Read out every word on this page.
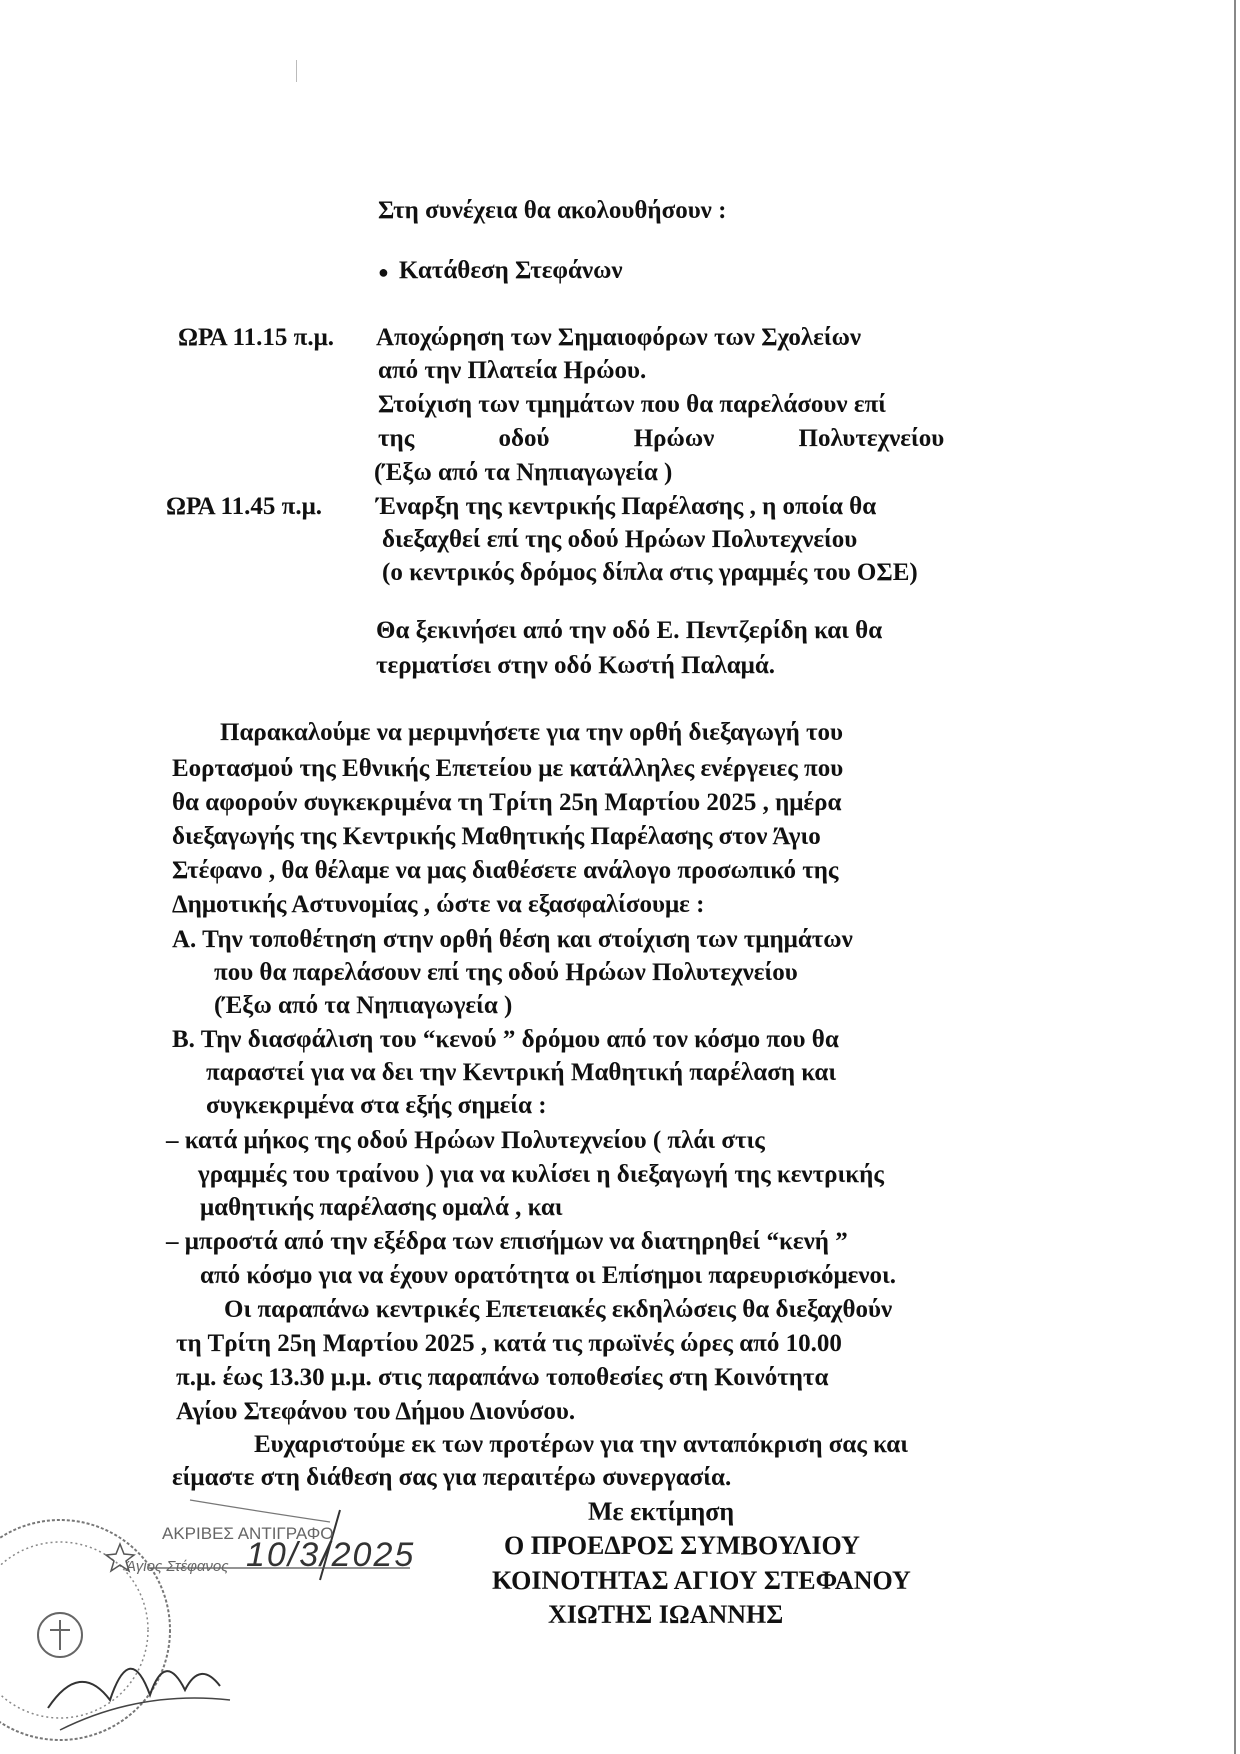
Στη συνέχεια θα ακολουθήσουν :
● Κατάθεση Στεφάνων
ΩΡΑ 11.15 π.μ. Αποχώρηση των Σημαιοφόρων των Σχολείων
από την Πλατεία Ηρώου.
Στοίχιση των τμημάτων που θα παρελάσουν επί
της οδού Ηρώων Πολυτεχνείου
(Έξω από τα Νηπιαγωγεία )
ΩΡΑ 11.45 π.μ. Έναρξη της κεντρικής Παρέλασης , η οποία θα
διεξαχθεί επί της οδού Ηρώων Πολυτεχνείου
(ο κεντρικός δρόμος δίπλα στις γραμμές του ΟΣΕ)
Θα ξεκινήσει από την οδό Ε. Πεντζερίδη και θα
τερματίσει στην οδό Κωστή Παλαμά.
Παρακαλούμε να μεριμνήσετε για την ορθή διεξαγωγή του
Εορτασμού της Εθνικής Επετείου με κατάλληλες ενέργειες που
θα αφορούν συγκεκριμένα τη Τρίτη 25η Μαρτίου 2025 , ημέρα
διεξαγωγής της Κεντρικής Μαθητικής Παρέλασης στον Άγιο
Στέφανο , θα θέλαμε να μας διαθέσετε ανάλογο προσωπικό της
Δημοτικής Αστυνομίας , ώστε να εξασφαλίσουμε :
Α. Την τοποθέτηση στην ορθή θέση και στοίχιση των τμημάτων
που θα παρελάσουν επί της οδού Ηρώων Πολυτεχνείου
(Έξω από τα Νηπιαγωγεία )
Β. Την διασφάλιση του “κενού ” δρόμου από τον κόσμο που θα
παραστεί για να δει την Κεντρική Μαθητική παρέλαση και
συγκεκριμένα στα εξής σημεία :
– κατά μήκος της οδού Ηρώων Πολυτεχνείου ( πλάι στις
γραμμές του τραίνου ) για να κυλίσει η διεξαγωγή της κεντρικής
μαθητικής παρέλασης ομαλά , και
– μπροστά από την εξέδρα των επισήμων να διατηρηθεί “κενή ”
από κόσμο για να έχουν ορατότητα οι Επίσημοι παρευρισκόμενοι.
Οι παραπάνω κεντρικές Επετειακές εκδηλώσεις θα διεξαχθούν
τη Τρίτη 25η Μαρτίου 2025 , κατά τις πρωϊνές ώρες από 10.00
π.μ. έως 13.30 μ.μ. στις παραπάνω τοποθεσίες στη Κοινότητα
Αγίου Στεφάνου του Δήμου Διονύσου.
Ευχαριστούμε εκ των προτέρων για την ανταπόκριση σας και
είμαστε στη διάθεση σας για περαιτέρω συνεργασία.
Με εκτίμηση
Ο ΠΡΟΕΔΡΟΣ ΣΥΜΒΟΥΛΙΟΥ
ΚΟΙΝΟΤΗΤΑΣ ΑΓΙΟΥ ΣΤΕΦΑΝΟΥ
ΧΙΩΤΗΣ ΙΩΑΝΝΗΣ
ΑΚΡΙΒΕΣ ΑΝΤΙΓΡΑΦΟ
Άγιος Στέφανος 10/3/2025
